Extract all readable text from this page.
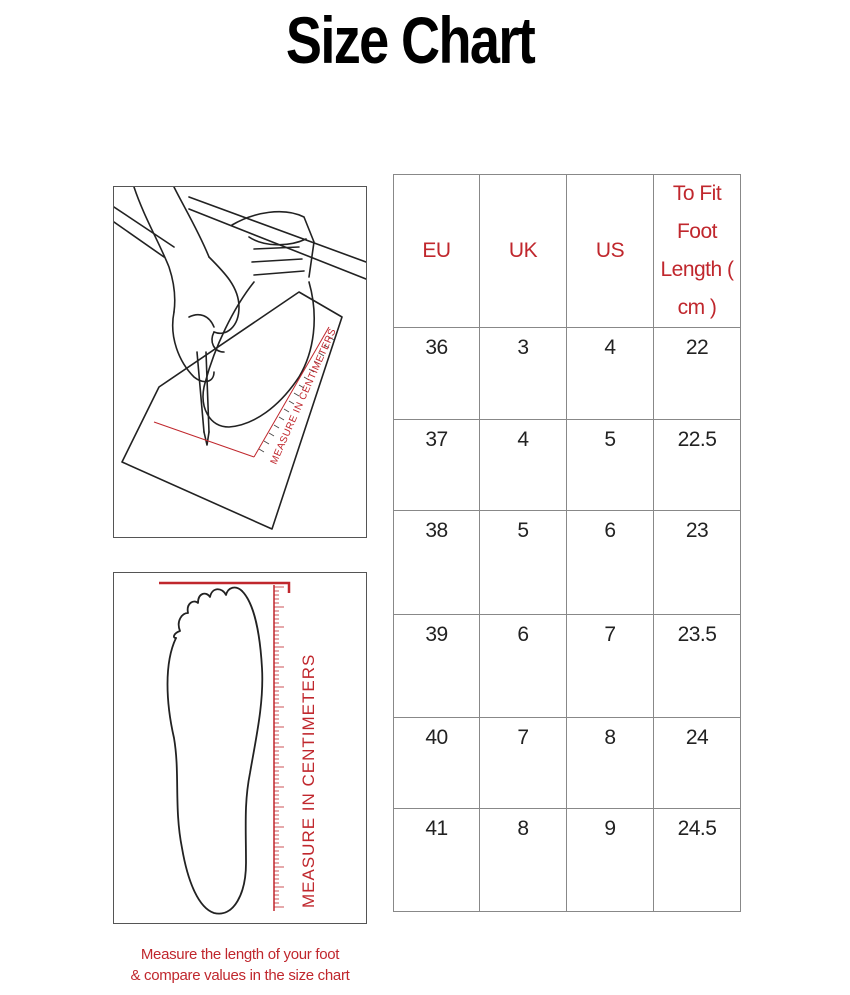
Size Chart
MEASURE IN CENTIMETERS
MEASURE IN CENTIMETERS
Measure the length of your foot
& compare values in the size chart
EU	UK	US	To Fit Foot Length ( cm )

36	3	4	22
37	4	5	22.5
38	5	6	23
39	6	7	23.5
40	7	8	24
41	8	9	24.5
